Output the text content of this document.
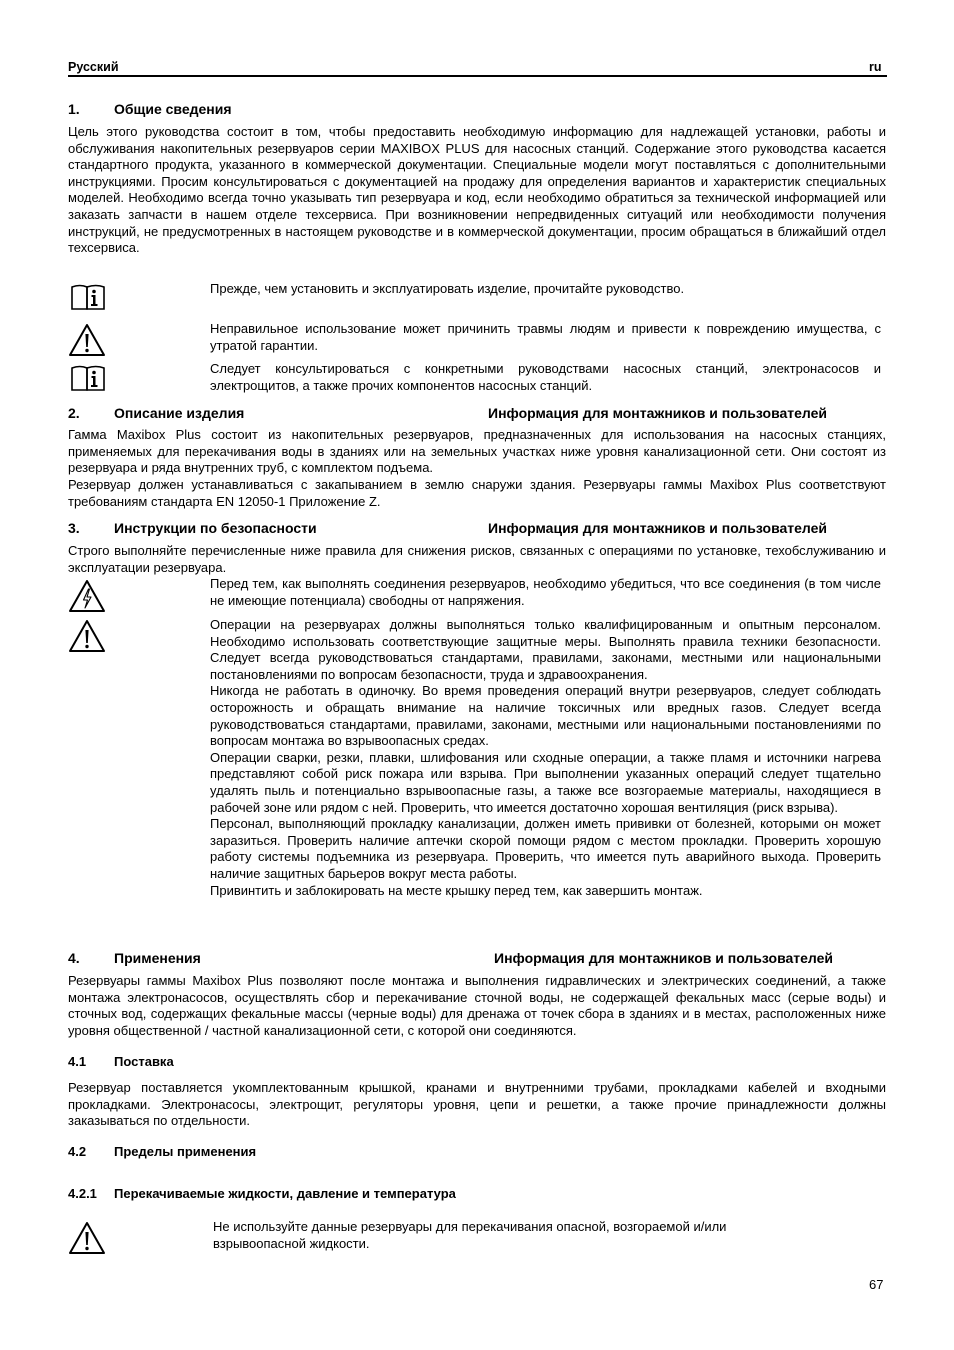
Русский	ru
1. Общие сведения
Цель этого руководства состоит в том, чтобы предоставить необходимую информацию для надлежащей установки, работы и обслуживания накопительных резервуаров серии MAXIBOX PLUS для насосных станций. Содержание этого руководства касается стандартного продукта, указанного в коммерческой документации. Специальные модели могут поставляться с дополнительными инструкциями. Просим консультироваться с документацией на продажу для определения вариантов и характеристик специальных моделей. Необходимо всегда точно указывать тип резервуара и код, если необходимо обратиться за технической информацией или заказать запчасти в нашем отделе техсервиса. При возникновении непредвиденных ситуаций или необходимости получения инструкций, не предусмотренных в настоящем руководстве и в коммерческой документации, просим обращаться в ближайший отдел техсервиса.
Прежде, чем установить и эксплуатировать изделие, прочитайте руководство.
Неправильное использование может причинить травмы людям и привести к повреждению имущества, с утратой гарантии.
Следует консультироваться с конкретными руководствами насосных станций, электронасосов и электрощитов, а также прочих компонентов насосных станций.
2. Описание изделия	Информация для монтажников и пользователей
Гамма Maxibox Plus состоит из накопительных резервуаров, предназначенных для использования на насосных станциях, применяемых для перекачивания воды в зданиях или на земельных участках ниже уровня канализационной сети. Они состоят из резервуара и ряда внутренних труб, с комплектом подъема.
Резервуар должен устанавливаться с закапыванием в землю снаружи здания. Резервуары гаммы Maxibox Plus соответствуют требованиям стандарта EN 12050-1 Приложение Z.
3. Инструкции по безопасности	Информация для монтажников и пользователей
Строго выполняйте перечисленные ниже правила для снижения рисков, связанных с операциями по установке, техобслуживанию и эксплуатации резервуара.
Перед тем, как выполнять соединения резервуаров, необходимо убедиться, что все соединения (в том числе не имеющие потенциала) свободны от напряжения.
Операции на резервуарах должны выполняться только квалифицированным и опытным персоналом. Необходимо использовать соответствующие защитные меры. Выполнять правила техники безопасности. Следует всегда руководствоваться стандартами, правилами, законами, местными или национальными постановлениями по вопросам безопасности, труда и здравоохранения.
Никогда не работать в одиночку. Во время проведения операций внутри резервуаров, следует соблюдать осторожность и обращать внимание на наличие токсичных или вредных газов. Следует всегда руководствоваться стандартами, правилами, законами, местными или национальными постановлениями по вопросам монтажа во взрывоопасных средах.
Операции сварки, резки, плавки, шлифования или сходные операции, а также пламя и источники нагрева представляют собой риск пожара или взрыва. При выполнении указанных операций следует тщательно удалять пыль и потенциально взрывоопасные газы, а также все возгораемые материалы, находящиеся в рабочей зоне или рядом с ней. Проверить, что имеется достаточно хорошая вентиляция (риск взрыва).
Персонал, выполняющий прокладку канализации, должен иметь прививки от болезней, которыми он может заразиться. Проверить наличие аптечки скорой помощи рядом с местом прокладки. Проверить хорошую работу системы подъемника из резервуара. Проверить, что имеется путь аварийного выхода. Проверить наличие защитных барьеров вокруг места работы.
Привинтить и заблокировать на месте крышку перед тем, как завершить монтаж.
4. Применения	Информация для монтажников и пользователей
Резервуары гаммы Maxibox Plus позволяют после монтажа и выполнения гидравлических и электрических соединений, а также монтажа электронасосов, осуществлять сбор и перекачивание сточной воды, не содержащей фекальных масс (серые воды) и сточных вод, содержащих фекальные массы (черные воды) для дренажа от точек сбора в зданиях и в местах, расположенных ниже уровня общественной / частной канализационной сети, с которой они соединяются.
4.1 Поставка
Резервуар поставляется укомплектованным крышкой, кранами и внутренними трубами, прокладками кабелей и входными прокладками. Электронасосы, электрощит, регуляторы уровня, цепи и решетки, а также прочие принадлежности должны заказываться по отдельности.
4.2 Пределы применения
4.2.1 Перекачиваемые жидкости, давление и температура
Не используйте данные резервуары для перекачивания опасной, возгораемой и/или взрывоопасной жидкости.
67
